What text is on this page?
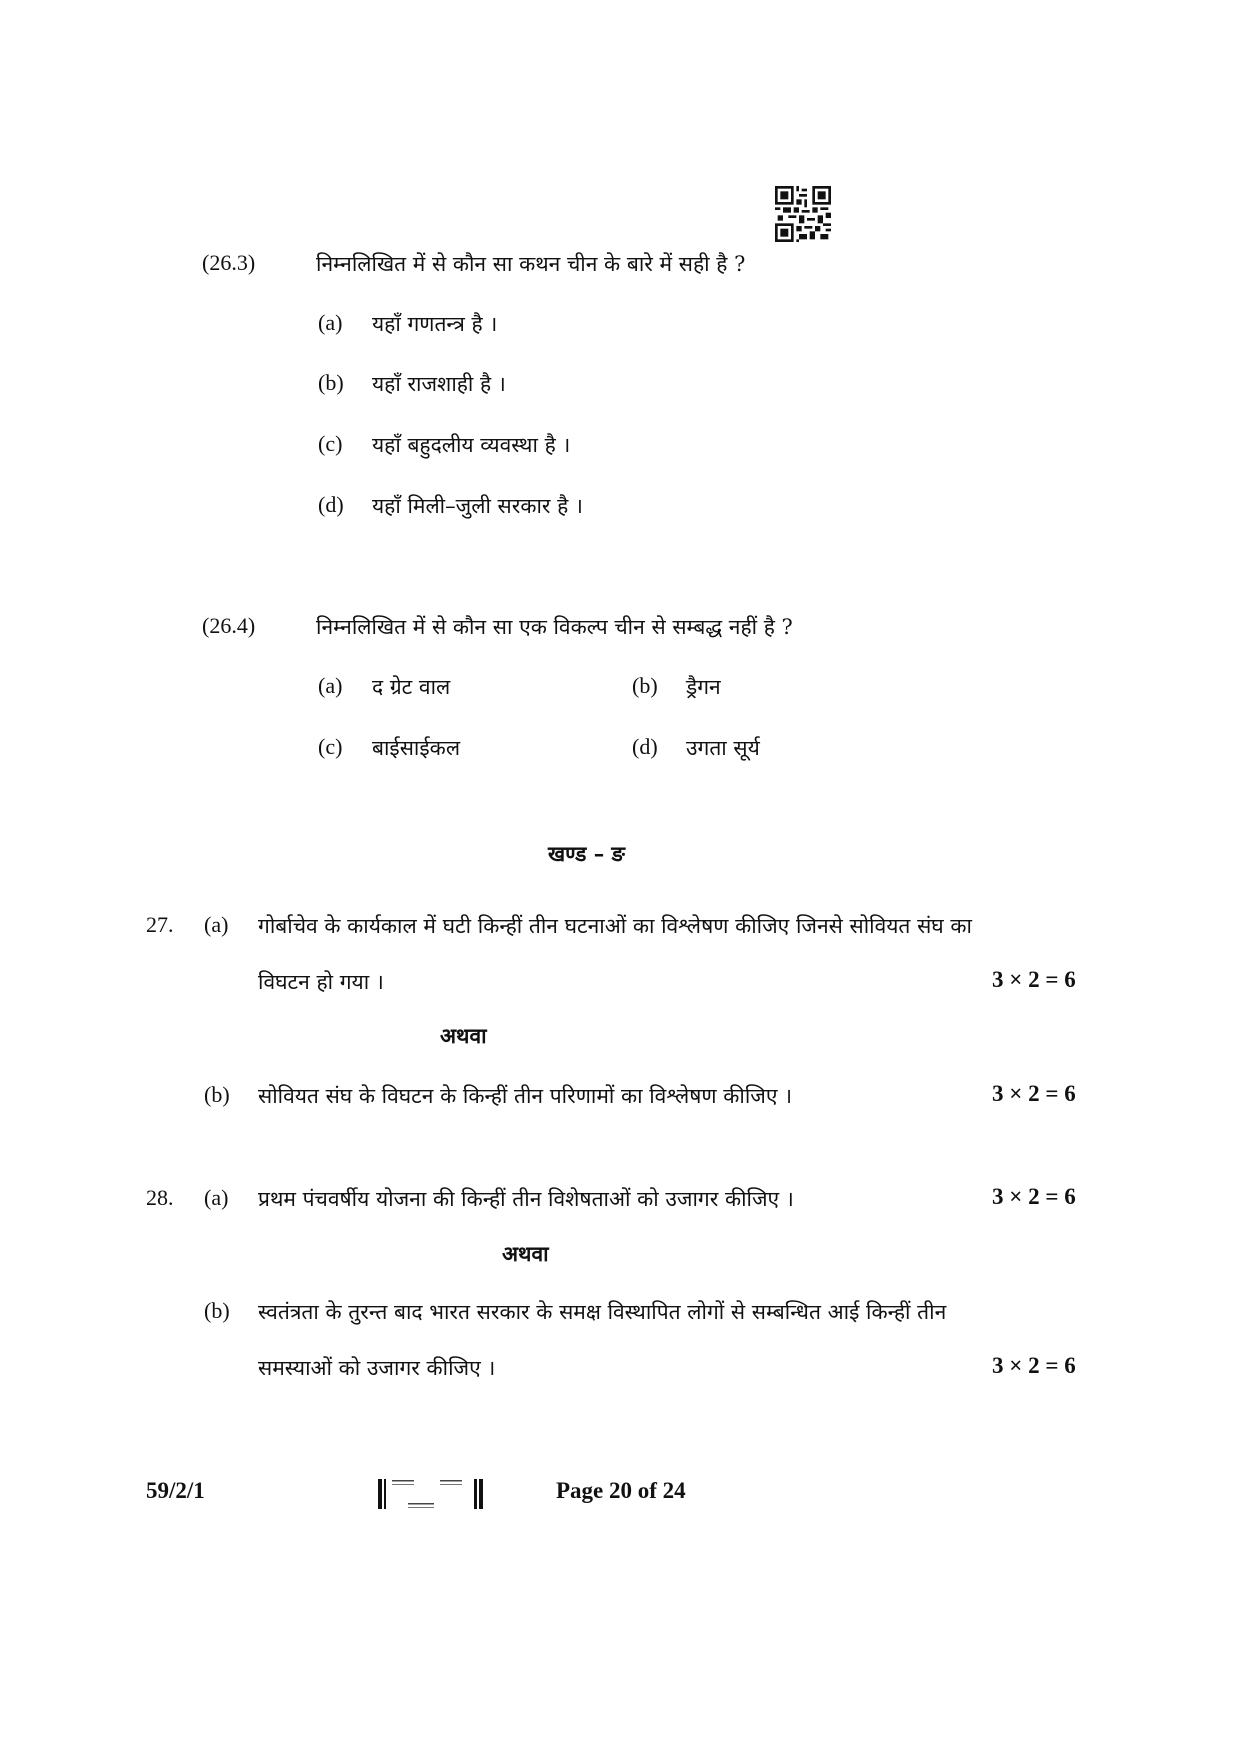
(26.3)	निम्नलिखित में से कौन सा कथन चीन के बारे में सही है ?
(a) यहाँ गणतन्त्र है ।
(b) यहाँ राजशाही है ।
(c) यहाँ बहुदलीय व्यवस्था है ।
(d) यहाँ मिली–जुली सरकार है ।
(26.4)	निम्नलिखित में से कौन सा एक विकल्प चीन से सम्बद्ध नहीं है ?
(a) द ग्रेट वाल	(b) ड्रैगन
(c) बाईसाईकल	(d) उगता सूर्य
खण्ड – ङ
27. (a) गोर्बाचेव के कार्यकाल में घटी किन्हीं तीन घटनाओं का विश्लेषण कीजिए जिनसे सोवियत संघ का
विघटन हो गया ।	3 × 2 = 6
अथवा
(b) सोवियत संघ के विघटन के किन्हीं तीन परिणामों का विश्लेषण कीजिए ।	3 × 2 = 6
28. (a) प्रथम पंचवर्षीय योजना की किन्हीं तीन विशेषताओं को उजागर कीजिए ।	3 × 2 = 6
अथवा
(b) स्वतंत्रता के तुरन्त बाद भारत सरकार के समक्ष विस्थापित लोगों से सम्बन्धित आई किन्हीं तीन
समस्याओं को उजागर कीजिए ।	3 × 2 = 6
59/2/1	Page 20 of 24
